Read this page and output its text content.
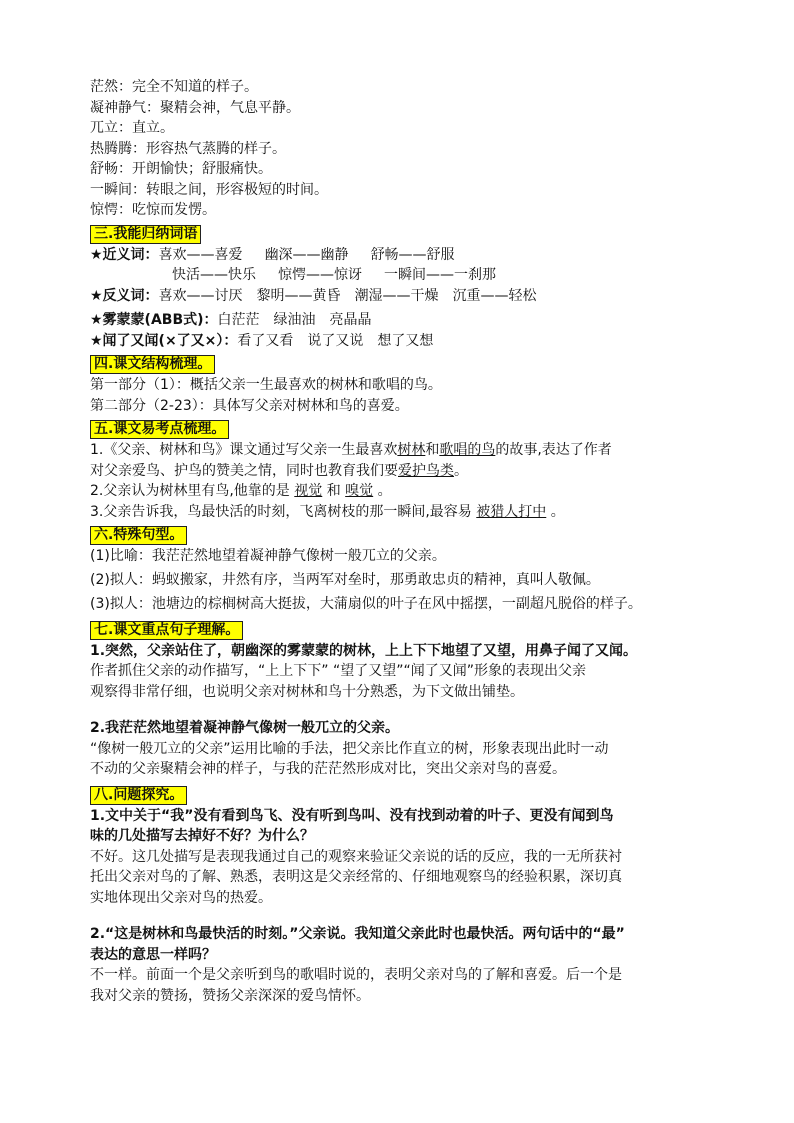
茫然：完全不知道的样子。
凝神静气：聚精会神，气息平静。
兀立：直立。
热腾腾：形容热气蒸腾的样子。
舒畅：开朗愉快；舒服痛快。
一瞬间：转眼之间，形容极短的时间。
惊愕：吃惊而发愣。
三.我能归纳词语
★近义词：喜欢——喜爱 幽深——幽静 舒畅——舒服
快活——快乐 惊愕——惊讶 一瞬间——一刹那
★反义词：喜欢——讨厌 黎明——黄昏 潮湿——干燥 沉重——轻松
★雾蒙蒙(ABB式)：白茫茫 绿油油 亮晶晶
★闻了又闻(×了又×）：看了又看 说了又说 想了又想
四.课文结构梳理。
第一部分（1）：概括父亲一生最喜欢的树林和歌唱的鸟。
第二部分（2-23）：具体写父亲对树林和鸟的喜爱。
五.课文易考点梳理。
1.《父亲、树林和鸟》课文通过写父亲一生最喜欢树林和歌唱的鸟的故事,表达了作者
对父亲爱鸟、护鸟的赞美之情，同时也教育我们要爱护鸟类。
2.父亲认为树林里有鸟,他靠的是 视觉 和 嗅觉 。
3.父亲告诉我，鸟最快活的时刻，飞离树枝的那一瞬间,最容易 被猎人打中 。
六.特殊句型。
(1)比喻：我茫茫然地望着凝神静气像树一般兀立的父亲。
(2)拟人：蚂蚁搬家，井然有序，当两军对垒时，那勇敢忠贞的精神，真叫人敬佩。
(3)拟人：池塘边的棕榈树高大挺拔，大蒲扇似的叶子在风中摇摆，一副超凡脱俗的样子。
七.课文重点句子理解。
1.突然，父亲站住了，朝幽深的雾蒙蒙的树林，上上下下地望了又望，用鼻子闻了又闻。
作者抓住父亲的动作描写，“上上下下” “望了又望”“闻了又闻”形象的表现出父亲
观察得非常仔细，也说明父亲对树林和鸟十分熟悉，为下文做出铺垫。
2.我茫茫然地望着凝神静气像树一般兀立的父亲。
“像树一般兀立的父亲”运用比喻的手法，把父亲比作直立的树，形象表现出此时一动
不动的父亲聚精会神的样子，与我的茫茫然形成对比，突出父亲对鸟的喜爱。
八.问题探究。
1.文中关于“我”没有看到鸟飞、没有听到鸟叫、没有找到动着的叶子、更没有闻到鸟
味的几处描写去掉好不好？为什么？
不好。这几处描写是表现我通过自己的观察来验证父亲说的话的反应，我的一无所获衬
托出父亲对鸟的了解、熟悉，表明这是父亲经常的、仔细地观察鸟的经验积累，深切真
实地体现出父亲对鸟的热爱。
2.“这是树林和鸟最快活的时刻。”父亲说。我知道父亲此时也最快活。两句话中的“最”
表达的意思一样吗？
不一样。前面一个是父亲听到鸟的歌唱时说的，表明父亲对鸟的了解和喜爱。后一个是
我对父亲的赞扬，赞扬父亲深深的爱鸟情怀。
